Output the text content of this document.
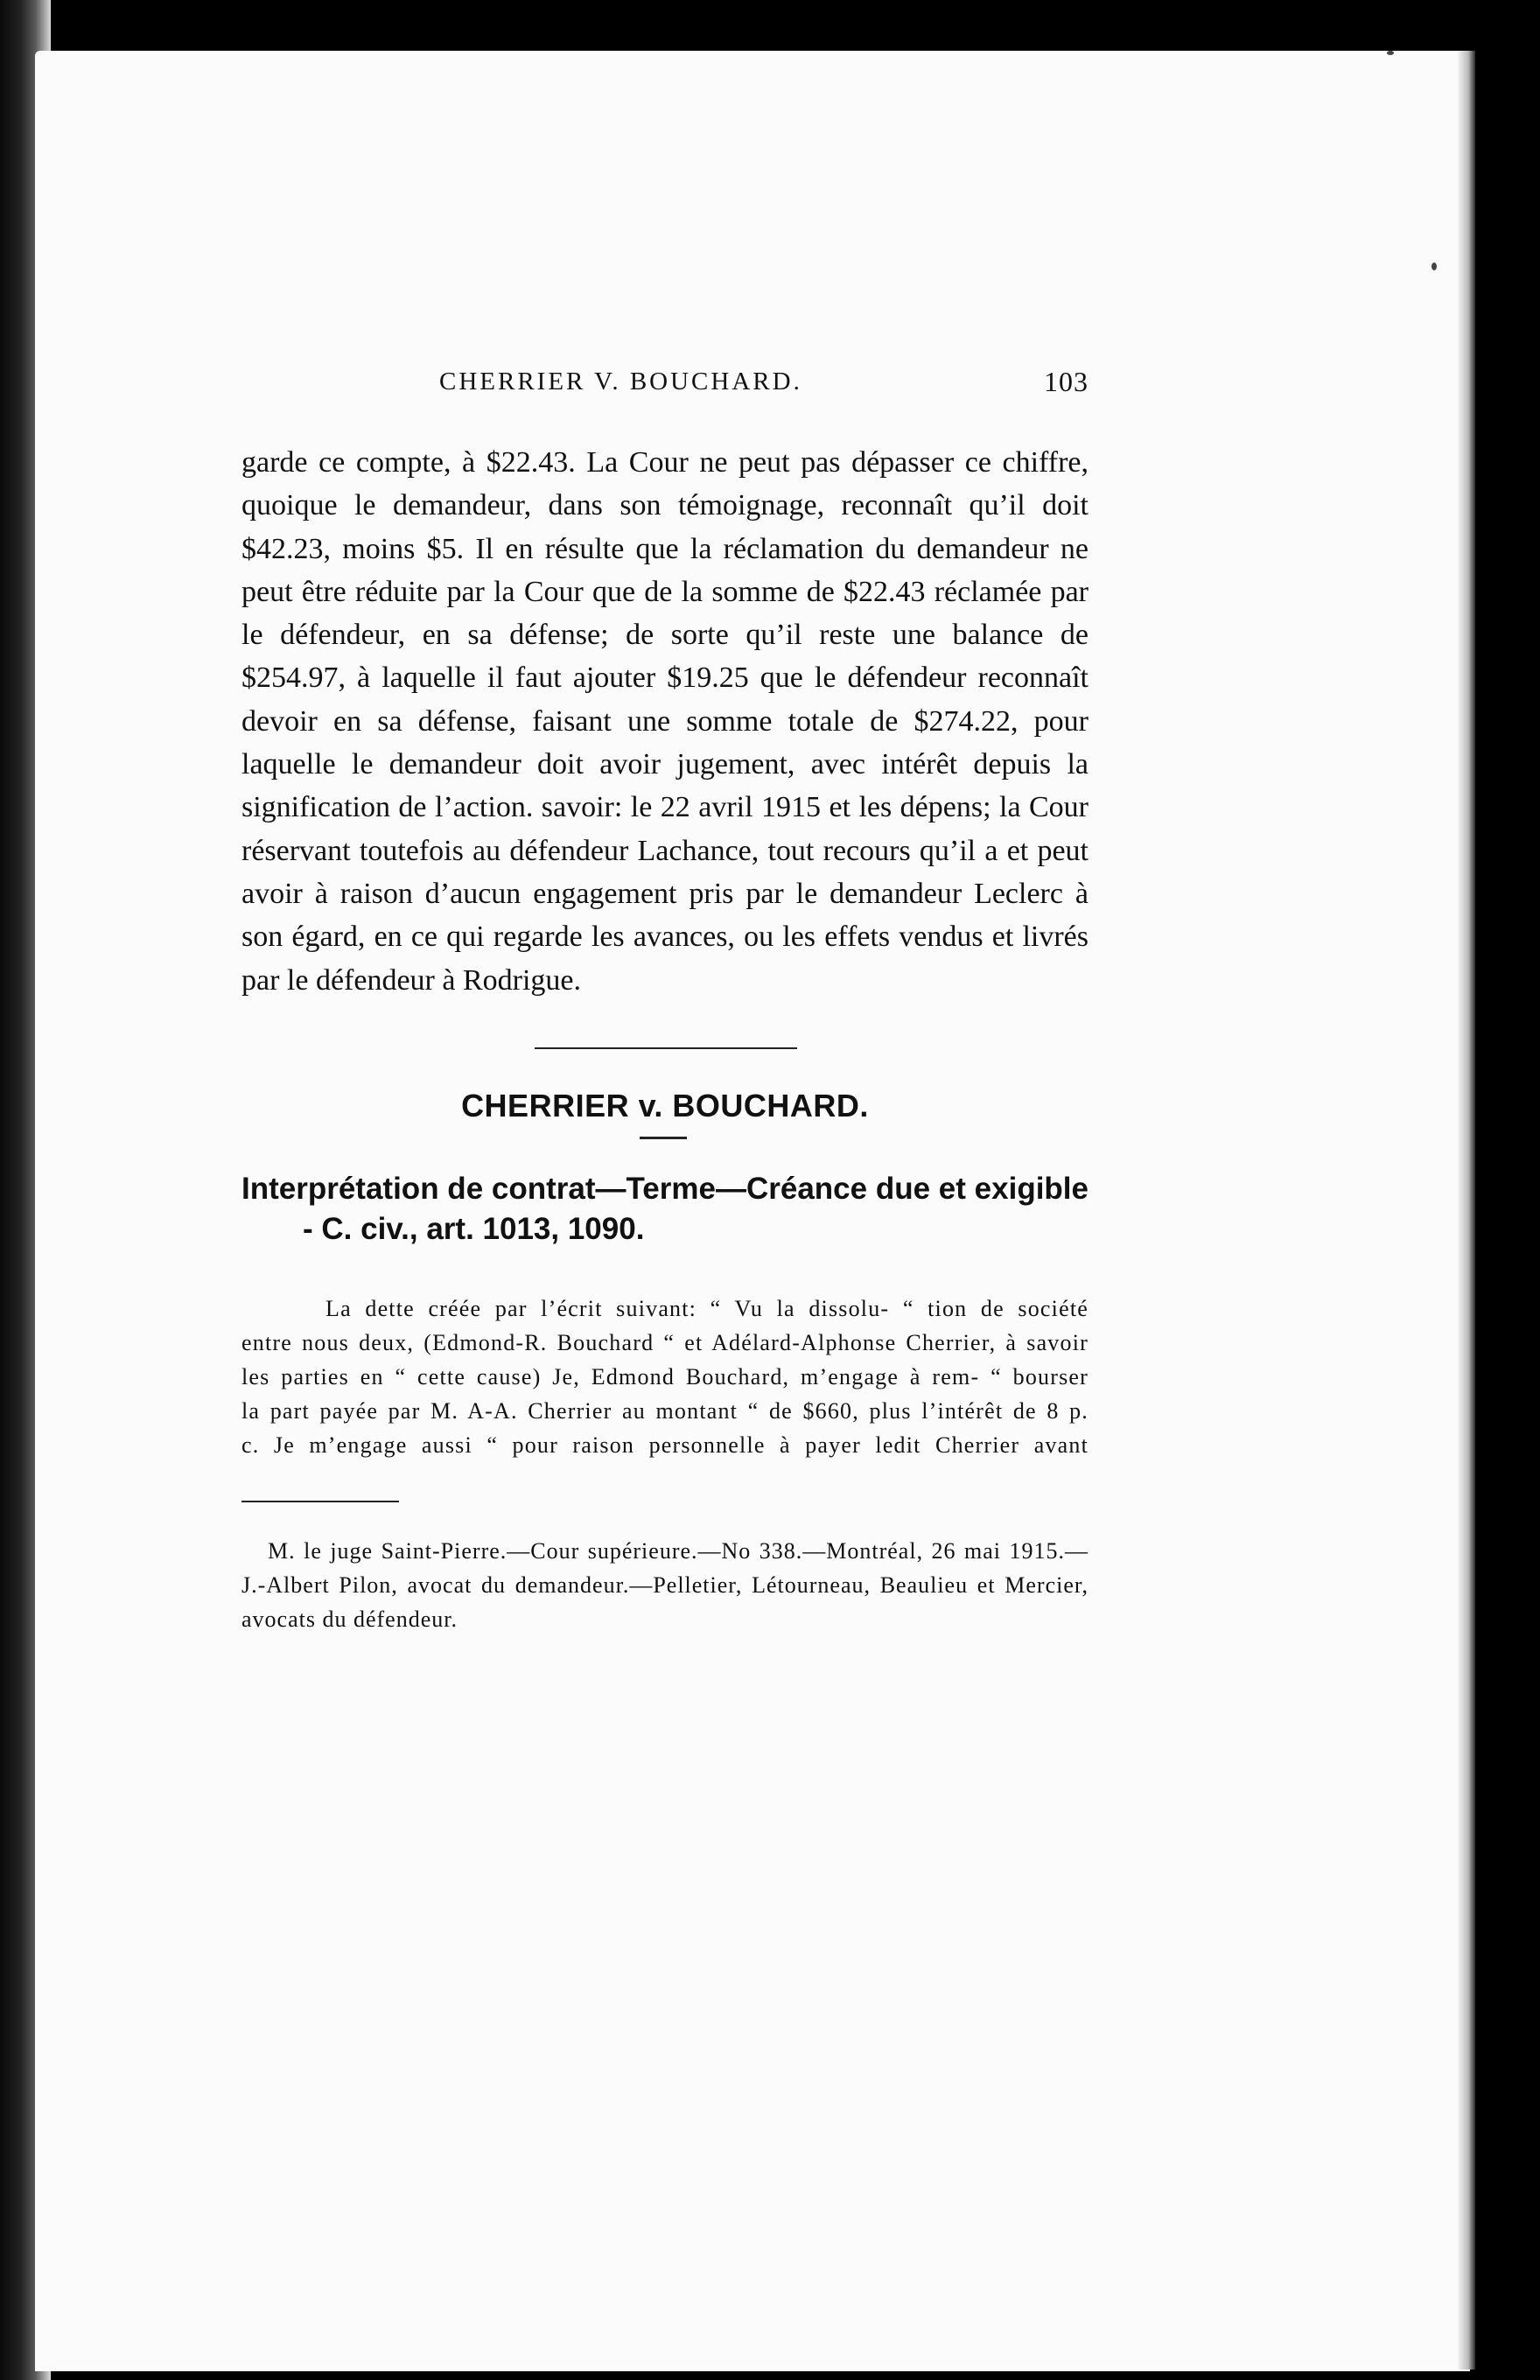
CHERRIER V. BOUCHARD.	103

garde ce compte, à $22.43. La Cour ne peut pas dépasser ce chiffre, quoique le demandeur, dans son témoignage, reconnaît qu’il doit $42.23, moins $5. Il en résulte que la réclamation du demandeur ne peut être réduite par la Cour que de la somme de $22.43 réclamée par le défendeur, en sa défense; de sorte qu’il reste une balance de $254.97, à laquelle il faut ajouter $19.25 que le défendeur reconnaît devoir en sa défense, faisant une somme totale de $274.22, pour laquelle le demandeur doit avoir jugement, avec intérêt depuis la signification de l’action. savoir: le 22 avril 1915 et les dépens; la Cour réservant toutefois au défendeur Lachance, tout recours qu’il a et peut avoir à raison d’aucun engagement pris par le demandeur Leclerc à son égard, en ce qui regarde les avances, ou les effets vendus et livrés par le défendeur à Rodrigue.

CHERRIER v. BOUCHARD.

Interprétation de contrat—Terme—Créance due et exigible - C. civ., art. 1013, 1090.

La dette créée par l’écrit suivant: “ Vu la dissolu- “ tion de société entre nous deux, (Edmond-R. Bouchard “ et Adélard-Alphonse Cherrier, à savoir les parties en “ cette cause) Je, Edmond Bouchard, m’engage à rem- “ bourser la part payée par M. A-A. Cherrier au montant “ de $660, plus l’intérêt de 8 p. c. Je m’engage aussi “ pour raison personnelle à payer ledit Cherrier avant

M. le juge Saint-Pierre.—Cour supérieure.—No 338.—Montréal, 26 mai 1915.—J.-Albert Pilon, avocat du demandeur.—Pelletier, Létourneau, Beaulieu et Mercier, avocats du défendeur.
